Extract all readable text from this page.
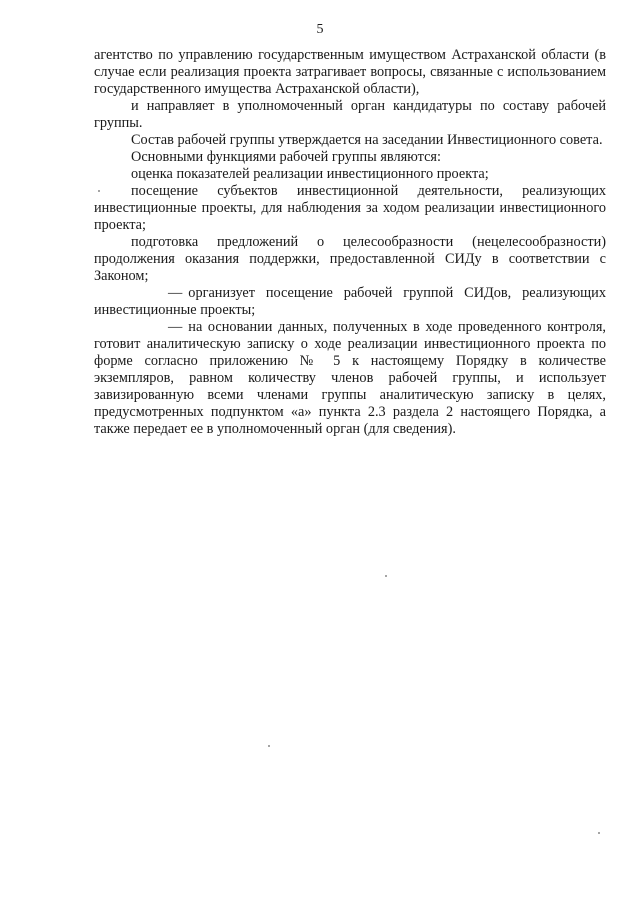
5

агентство по управлению государственным имуществом Астраханской области (в случае если реализация проекта затрагивает вопросы, связанные с использованием государственного имущества Астраханской области),

и направляет в уполномоченный орган кандидатуры по составу рабочей группы.

Состав рабочей группы утверждается на заседании Инвестиционного совета.

Основными функциями рабочей группы являются:

оценка показателей реализации инвестиционного проекта;

посещение субъектов инвестиционной деятельности, реализующих инвестиционные проекты, для наблюдения за ходом реализации инвестиционного проекта;

подготовка предложений о целесообразности (нецелесообразности) продолжения оказания поддержки, предоставленной СИДу в соответствии с Законом;

— организует посещение рабочей группой СИДов, реализующих инвестиционные проекты;

— на основании данных, полученных в ходе проведенного контроля, готовит аналитическую записку о ходе реализации инвестиционного проекта по форме согласно приложению № 5 к настоящему Порядку в количестве экземпляров, равном количеству членов рабочей группы, и использует завизированную всеми членами группы аналитическую записку в целях, предусмотренных подпунктом «а» пункта 2.3 раздела 2 настоящего Порядка, а также передает ее в уполномоченный орган (для сведения).
